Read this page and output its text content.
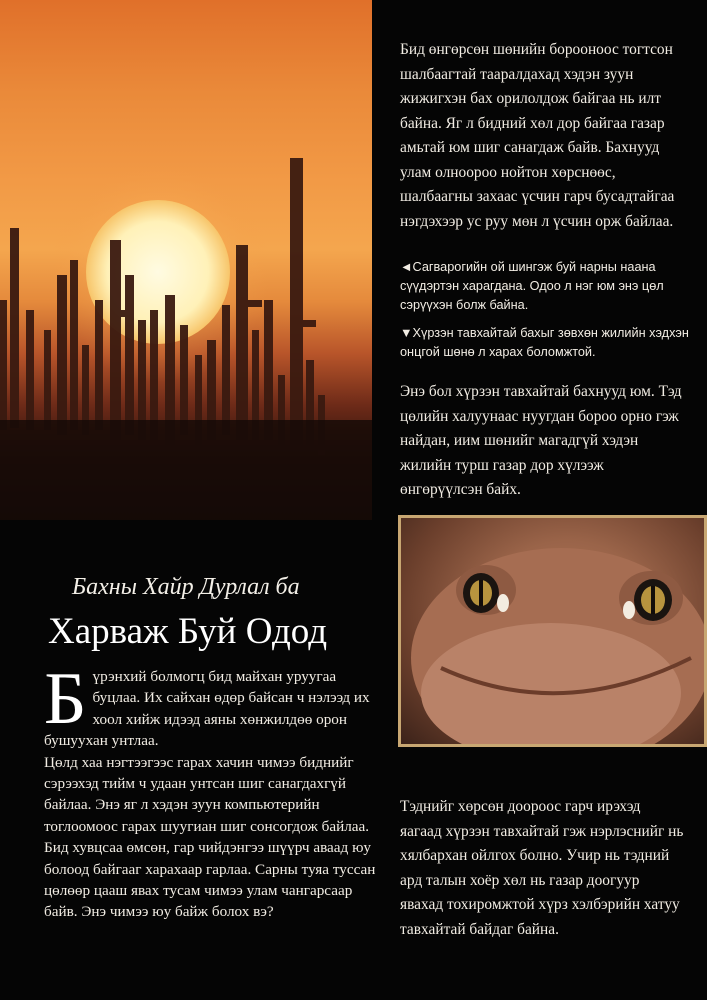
Бид өнгөрсөн шөнийн борооноос тогтсон шалбаагтай тааралдахад хэдэн зуун жижигхэн бах орилолдож байгаа нь илт байна. Яг л бидний хөл дор байгаа газар амьтай юм шиг санагдаж байв. Бахнууд улам олноороо нойтон хөрснөөс, шалбаагны захаас үсчин гарч бусадтайгаа нэгдэхээр ус руу мөн л үсчин орж байлаа.
◄Сагварогийн ой шингэж буй нарны наана сүүдэртэн харагдана. Одоо л нэг юм энэ цөл сэрүүхэн болж байна.
▼Хүрзэн тавхайтай бахыг зөвхөн жилийн хэдхэн онцгой шөнө л харах боломжтой.
Энэ бол хүрзэн тавхайтай бахнууд юм. Тэд цөлийн халуунаас нуугдан бороо орно гэж найдан, иим шөнийг магадгүй хэдэн жилийн турш газар дор хүлээж өнгөрүүлсэн байх.
Тэднийг хөрсөн доороос гарч ирэхэд яагаад хүрзэн тавхайтай гэж нэрлэснийг нь хялбархан ойлгох болно. Учир нь тэдний ард талын хоёр хөл нь газар доогуур явахад тохиромжтой хүрз хэлбэрийн хатуу тавхайтай байдаг байна.
Бахны Хайр Дурлал ба
Харваж Буй Одод
Бүрэнхий болмогц бид майхан уруугаа буцлаа. Их сайхан өдөр байсан ч нэлээд их хоол хийж идээд аяны хөнжилдөө орон бушуухан унтлаа.
Цөлд хаа нэгтээгээс гарах хачин чимээ биднийг сэрээхэд тийм ч удаан унтсан шиг санагдахгүй байлаа. Энэ яг л хэдэн зуун компьютерийн тоглоомоос гарах шуугиан шиг сонсогдож байлаа. Бид хувцсаа өмсөн, гар чийдэнгээ шүүрч аваад юу болоод байгааг харахаар гарлаа. Сарны туяа туссан цөлөөр цааш явах тусам чимээ улам чангарсаар байв. Энэ чимээ юу байж болох вэ?
